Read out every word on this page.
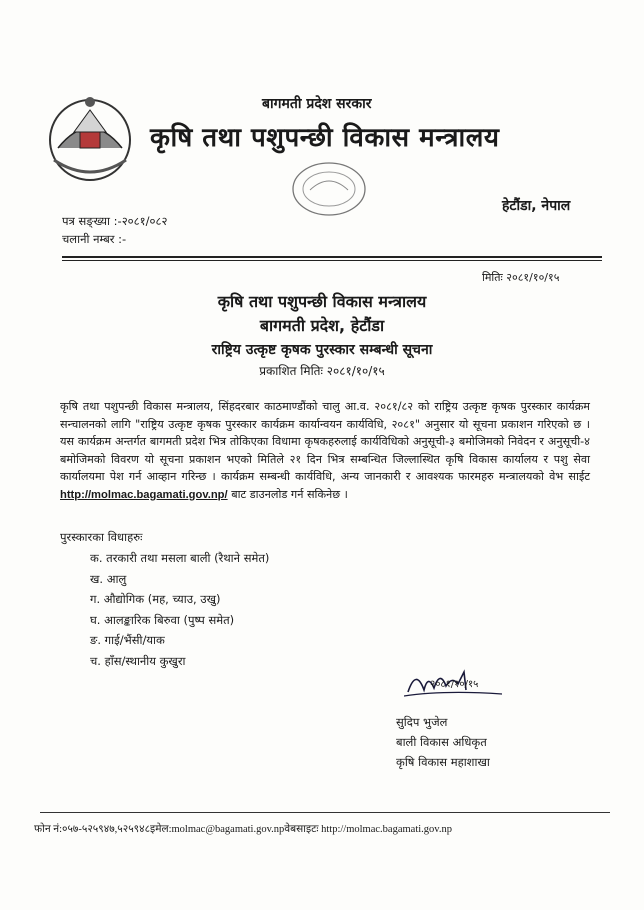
बागमती प्रदेश सरकार
कृषि तथा पशुपन्छी विकास मन्त्रालय
हेटौंडा, नेपाल
पत्र सङ्ख्या :-२०८१/०८२
चलानी नम्बर :-
मितिः २०८१/१०/१५
कृषि तथा पशुपन्छी विकास मन्त्रालय
बागमती प्रदेश, हेटौंडा
राष्ट्रिय उत्कृष्ट कृषक पुरस्कार सम्बन्धी सूचना
प्रकाशित मितिः २०८१/१०/१५
कृषि तथा पशुपन्छी विकास मन्त्रालय, सिंहदरबार काठमाण्डौंको चालु आ.व. २०८१/८२ को राष्ट्रिय उत्कृष्ट कृषक पुरस्कार कार्यक्रम सन्चालनको लागि "राष्ट्रिय उत्कृष्ट कृषक पुरस्कार कार्यक्रम कार्यान्वयन कार्यविधि, २०८१" अनुसार यो सूचना प्रकाशन गरिएको छ । यस कार्यक्रम अन्तर्गत बागमती प्रदेश भित्र तोकिएका विधामा कृषकहरुलाई कार्यविधिको अनुसूची-३ बमोजिमको निवेदन र अनुसूची-४ बमोजिमको विवरण यो सूचना प्रकाशन भएको मितिले २१ दिन भित्र सम्बन्धित जिल्लास्थित कृषि विकास कार्यालय र पशु सेवा कार्यालयमा पेश गर्न आव्हान गरिन्छ । कार्यक्रम सम्बन्धी कार्यविधि, अन्य जानकारी र आवश्यक फारमहरु मन्त्रालयको वेभ साईट http://molmac.bagamati.gov.np/ बाट डाउनलोड गर्न सकिनेछ ।
पुरस्कारका विधाहरुः
क. तरकारी तथा मसला बाली (रैथाने समेत)
ख. आलु
ग. औद्योगिक (मह, च्याउ, उखु)
घ. आलङ्कारिक बिरुवा (पुष्प समेत)
ङ. गाई/भैंसी/याक
च. हाँस/स्थानीय कुखुरा
२०८१/१०/१५
सुदिप भुजेल
बाली विकास अधिकृत
कृषि विकास महाशाखा
फोन नं:०५७-५२५९४७,५२५९४८इमेल:molmac@bagamati.gov.npवेबसाइटः http://molmac.bagamati.gov.np
